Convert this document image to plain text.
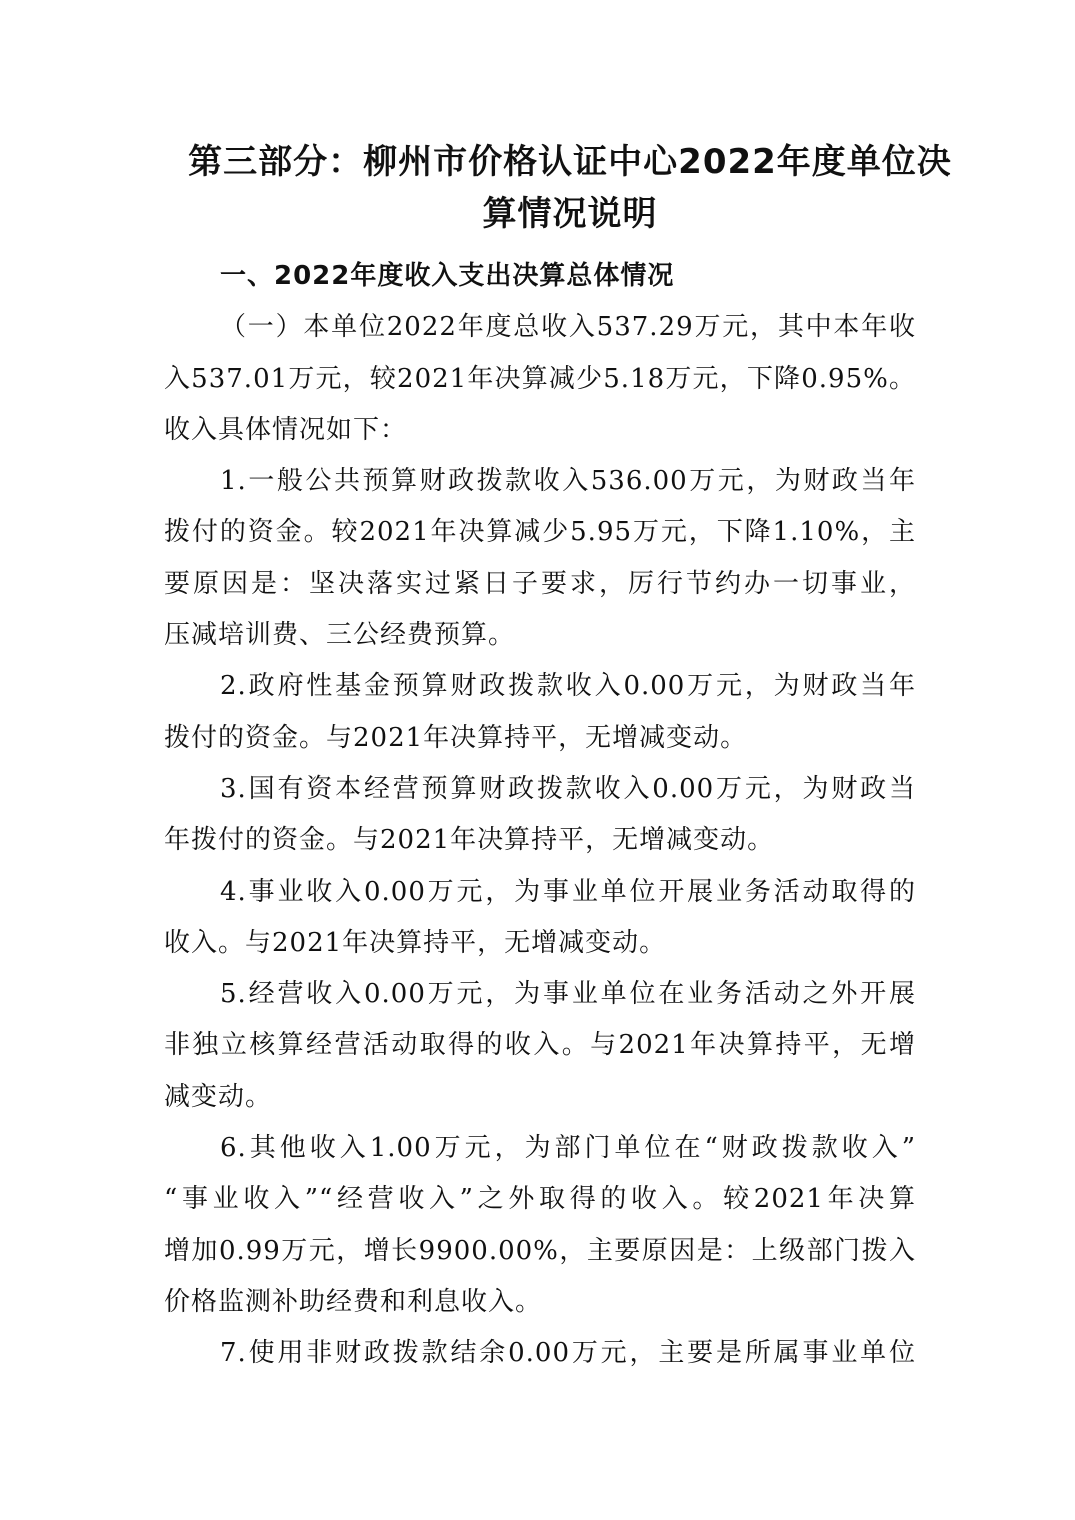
第三部分：柳州市价格认证中心2022年度单位决
算情况说明
一、2022年度收入支出决算总体情况
（一）本单位2022年度总收入537.29万元，其中本年收
入537.01万元，较2021年决算减少5.18万元，下降0.95%。
收入具体情况如下：
1.一般公共预算财政拨款收入536.00万元，为财政当年
拨付的资金。较2021年决算减少5.95万元，下降1.10%，主
要原因是：坚决落实过紧日子要求，厉行节约办一切事业，
压减培训费、三公经费预算。
2.政府性基金预算财政拨款收入0.00万元，为财政当年
拨付的资金。与2021年决算持平，无增减变动。
3.国有资本经营预算财政拨款收入0.00万元，为财政当
年拨付的资金。与2021年决算持平，无增减变动。
4.事业收入0.00万元，为事业单位开展业务活动取得的
收入。与2021年决算持平，无增减变动。
5.经营收入0.00万元，为事业单位在业务活动之外开展
非独立核算经营活动取得的收入。与2021年决算持平，无增
减变动。
6.其他收入1.00万元，为部门单位在“财政拨款收入”
“事业收入”“经营收入”之外取得的收入。较2021年决算
增加0.99万元，增长9900.00%，主要原因是：上级部门拨入
价格监测补助经费和利息收入。
7.使用非财政拨款结余0.00万元，主要是所属事业单位
